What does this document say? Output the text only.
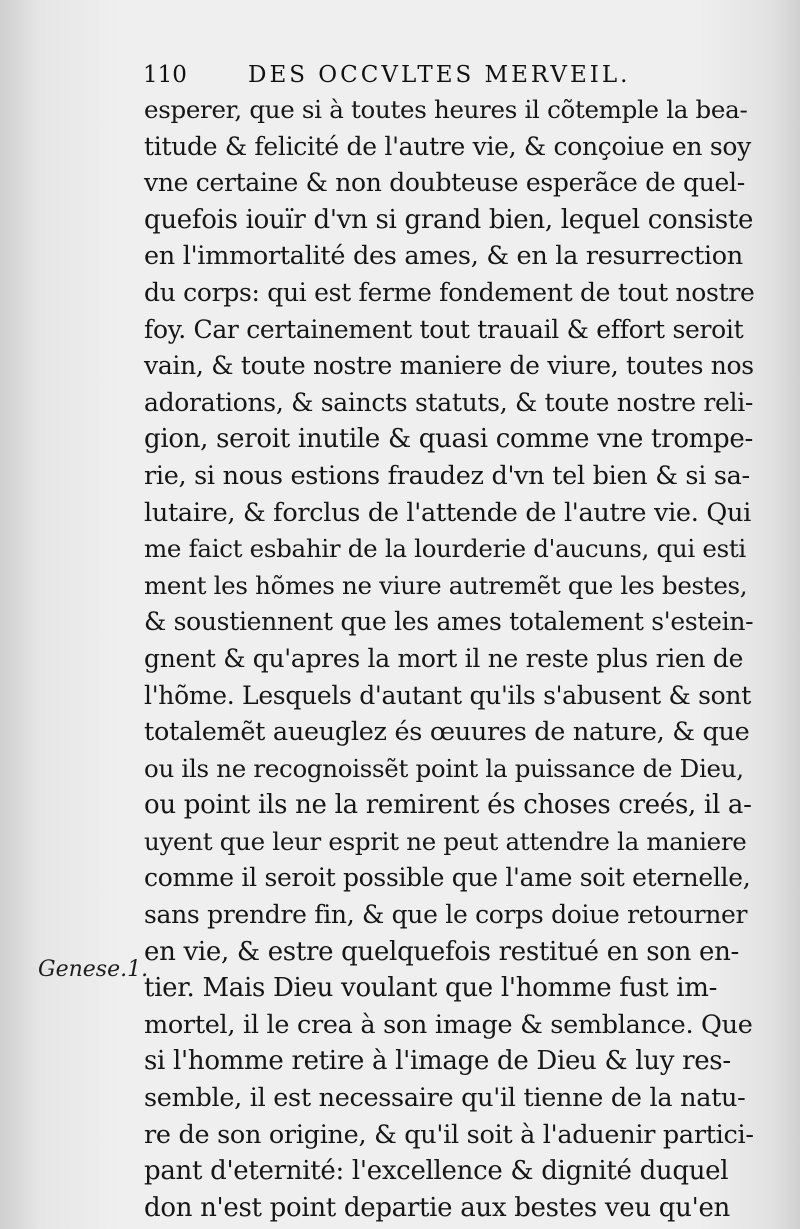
110	DES OCCVLTES MERVEIL.
esperer, que si à toutes heures il cõtemple la bea-
titude & felicité de l'autre vie, & conçoiue en soy
vne certaine & non doubteuse esperãce de quel-
quefois iouïr d'vn si grand bien, lequel consiste
en l'immortalité des ames, & en la resurrection
du corps: qui est ferme fondement de tout nostre
foy. Car certainement tout trauail & effort seroit
vain, & toute nostre maniere de viure, toutes nos
adorations, & saincts statuts, & toute nostre reli-
gion, seroit inutile & quasi comme vne trompe-
rie, si nous estions fraudez d'vn tel bien & si sa-
lutaire, & forclus de l'attende de l'autre vie. Qui
me faict esbahir de la lourderie d'aucuns, qui esti
ment les hõmes ne viure autremẽt que les bestes,
& soustiennent que les ames totalement s'estein-
gnent & qu'apres la mort il ne reste plus rien de
l'hõme. Lesquels d'autant qu'ils s'abusent & sont
totalemẽt aueuglez és œuures de nature, & que
ou ils ne recognoissẽt point la puissance de Dieu,
ou point ils ne la remirent és choses creés, il a-
uyent que leur esprit ne peut attendre la maniere
comme il seroit possible que l'ame soit eternelle,
sans prendre fin, & que le corps doiue retourner
en vie, & estre quelquefois restitué en son en-
tier. Mais Dieu voulant que l'homme fust im-
mortel, il le crea à son image & semblance. Que
si l'homme retire à l'image de Dieu & luy res-
semble, il est necessaire qu'il tienne de la natu-
re de son origine, & qu'il soit à l'aduenir partici-
pant d'eternité: l'excellence & dignité duquel
don n'est point departie aux bestes veu qu'en
Genese.1.
